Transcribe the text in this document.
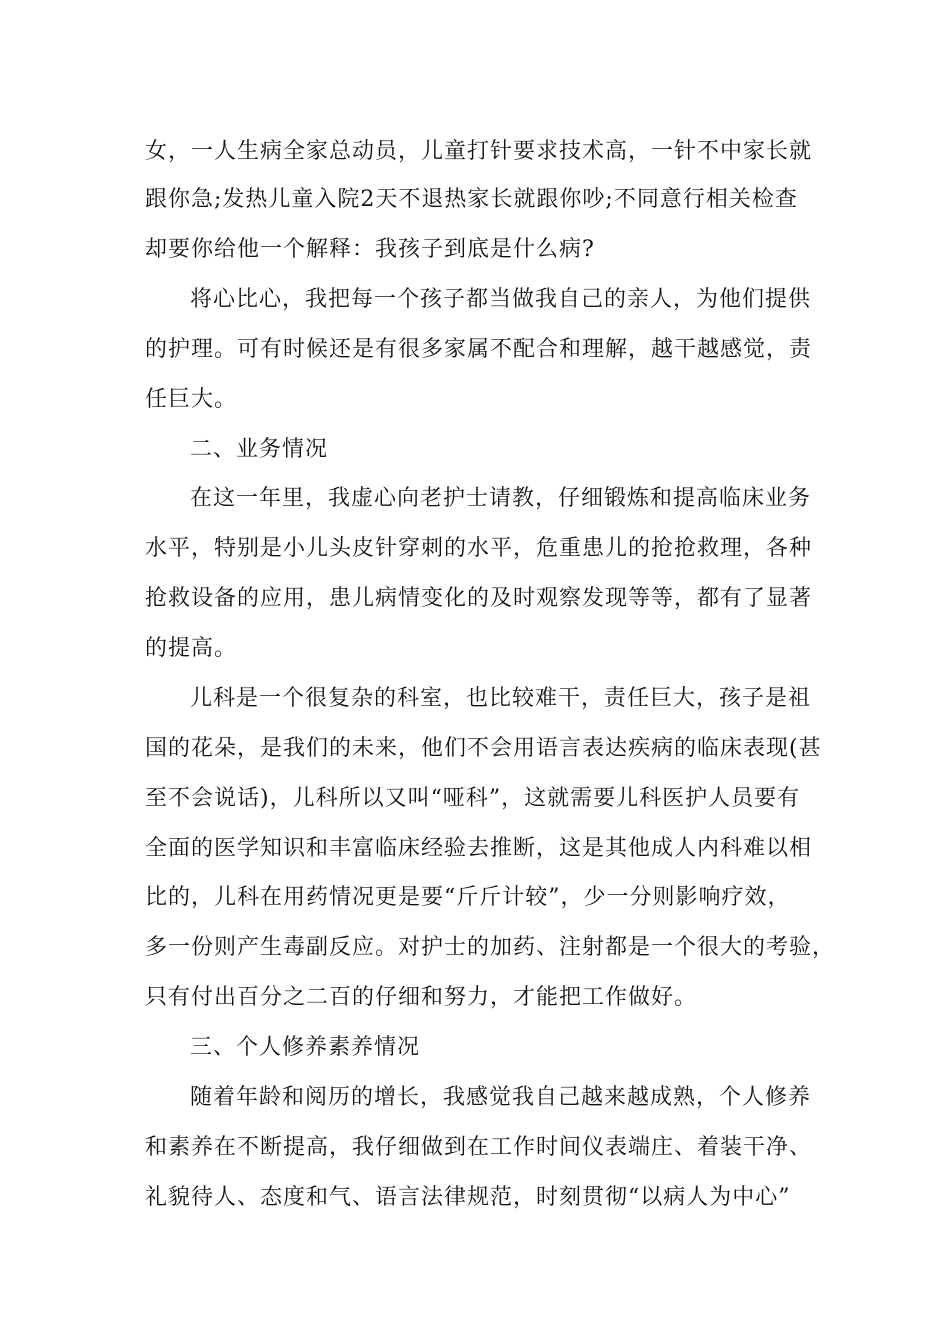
女，一人生病全家总动员，儿童打针要求技术高，一针不中家长就
跟你急;发热儿童入院2天不退热家长就跟你吵;不同意行相关检查
却要你给他一个解释：我孩子到底是什么病?
将心比心，我把每一个孩子都当做我自己的亲人，为他们提供
的护理。可有时候还是有很多家属不配合和理解，越干越感觉，责
任巨大。
二、业务情况
在这一年里，我虚心向老护士请教，仔细锻炼和提高临床业务
水平，特别是小儿头皮针穿刺的水平，危重患儿的抢抢救理，各种
抢救设备的应用，患儿病情变化的及时观察发现等等，都有了显著
的提高。
儿科是一个很复杂的科室，也比较难干，责任巨大，孩子是祖
国的花朵，是我们的未来，他们不会用语言表达疾病的临床表现(甚
至不会说话)，儿科所以又叫“哑科”，这就需要儿科医护人员要有
全面的医学知识和丰富临床经验去推断，这是其他成人内科难以相
比的，儿科在用药情况更是要“斤斤计较”，少一分则影响疗效，
多一份则产生毒副反应。对护士的加药、注射都是一个很大的考验，
只有付出百分之二百的仔细和努力，才能把工作做好。
三、个人修养素养情况
随着年龄和阅历的增长，我感觉我自己越来越成熟，个人修养
和素养在不断提高，我仔细做到在工作时间仪表端庄、着装干净、
礼貌待人、态度和气、语言法律规范，时刻贯彻“以病人为中心”
